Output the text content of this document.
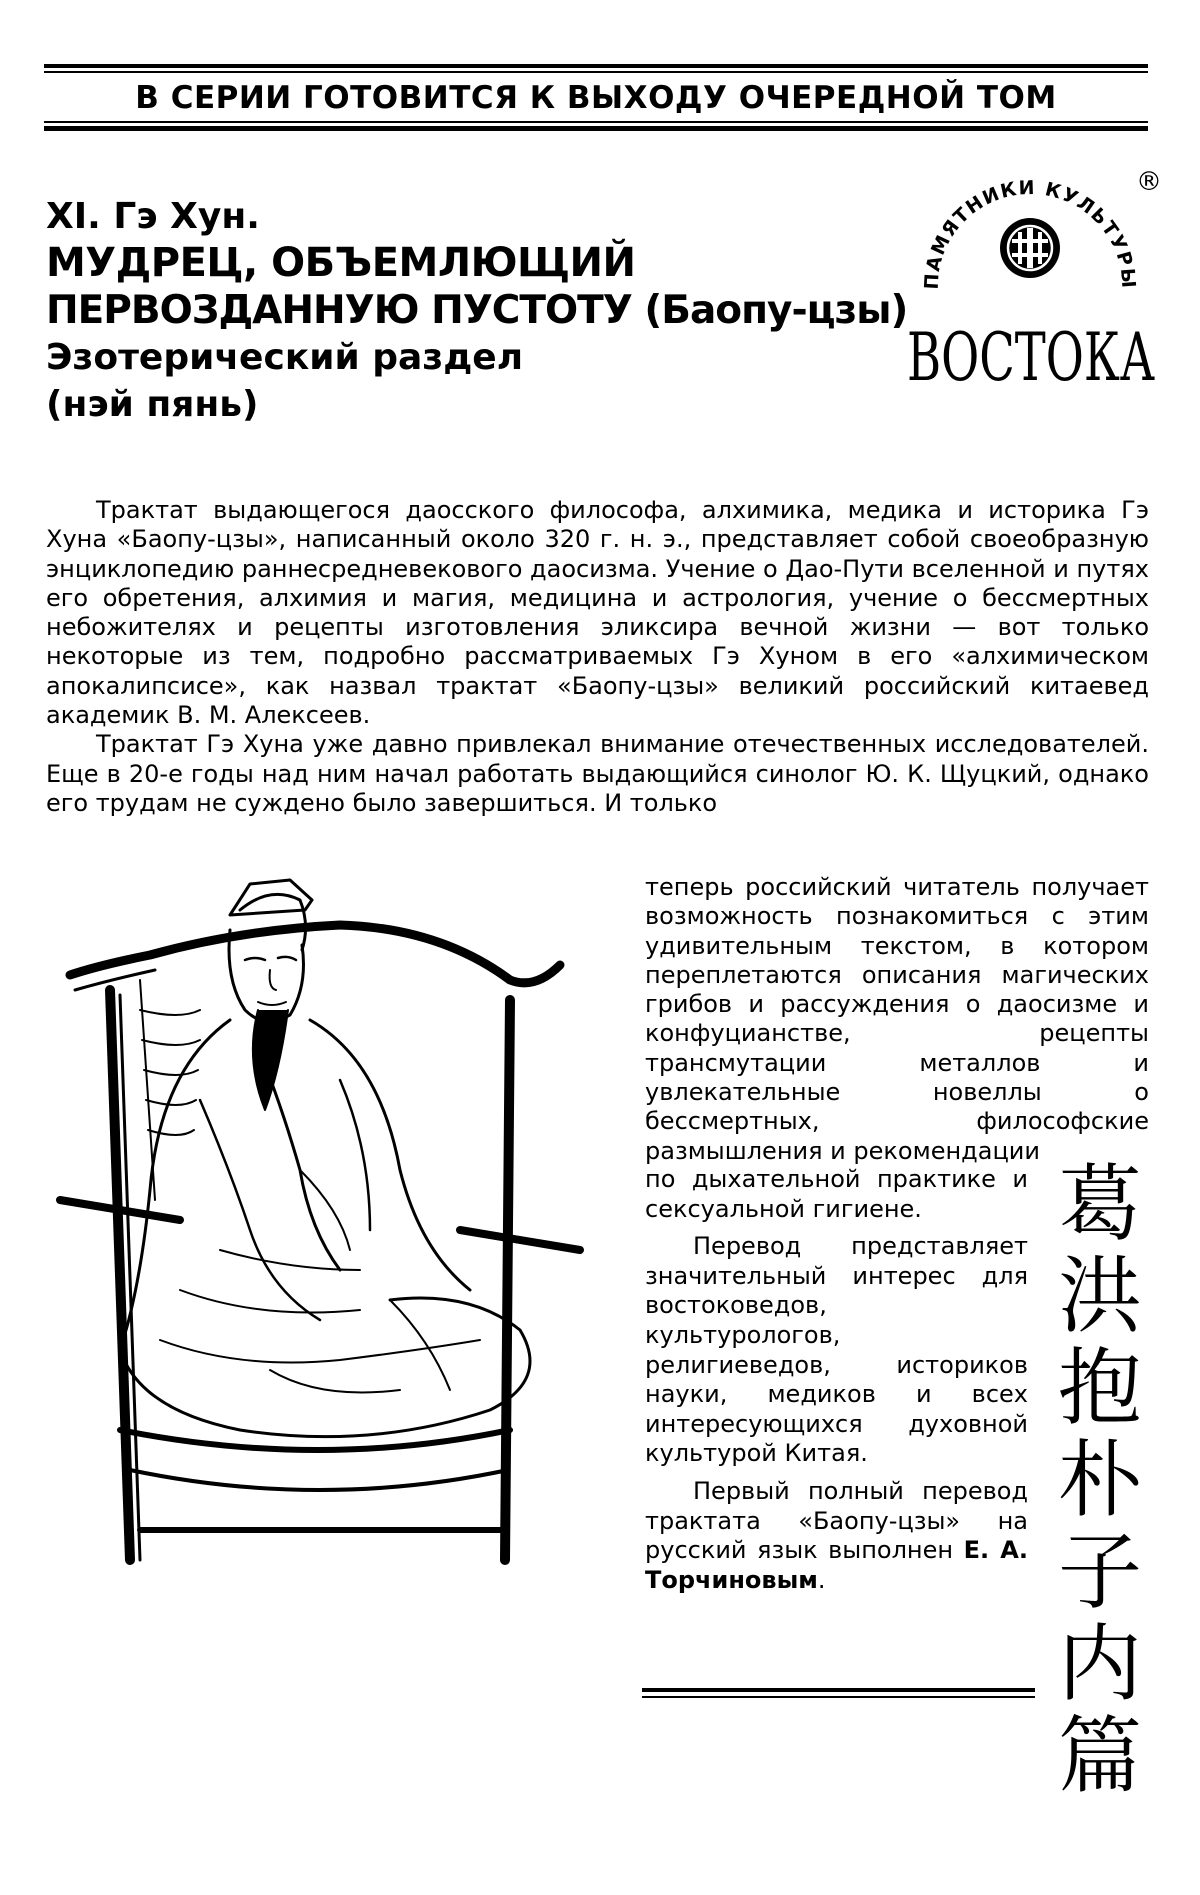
В СЕРИИ ГОТОВИТСЯ К ВЫХОДУ ОЧЕРЕДНОЙ ТОМ
XI. Гэ Хун.
МУДРЕЦ, ОБЪЕМЛЮЩИЙ
ПЕРВОЗДАННУЮ ПУСТОТУ (Баопу-цзы)
Эзотерический раздел
(нэй пянь)
ПАМЯТНИКИ КУЛЬТУРЫ
®
ВОСТОКА

Трактат выдающегося даосского философа, алхимика, медика и историка Гэ Хуна «Баопу-цзы», написанный около 320 г. н. э., представляет собой своеобразную энциклопедию раннесредневекового даосизма. Учение о Дао-Пути вселенной и путях его обретения, алхимия и магия, медицина и астрология, учение о бессмертных небожителях и рецепты изготовления эликсира вечной жизни — вот только некоторые из тем, подробно рассматриваемых Гэ Хуном в его «алхимическом апокалипсисе», как назвал трактат «Баопу-цзы» великий российский китаевед академик В. М. Алексеев.

Трактат Гэ Хуна уже давно привлекал внимание отечественных исследователей. Еще в 20-е годы над ним начал работать выдающийся синолог Ю. К. Щуцкий, однако его трудам не суждено было завершиться. И только

теперь российский читатель получает возможность познакомиться с этим удивительным текстом, в котором переплетаются описания магических грибов и рассуждения о даосизме и конфуцианстве, рецепты трансмутации металлов и увлекательные новеллы о бессмертных, философские размышления и рекомендации

по дыхательной практике и сексуальной гигиене.

Перевод представляет значительный интерес для востоковедов, культурологов, религиеведов, историков науки, медиков и всех интересующихся духовной культурой Китая.

Первый полный перевод трактата «Баопу-цзы» на русский язык выполнен Е. А. Торчиновым.

葛
洪
抱
朴
子
内
篇
